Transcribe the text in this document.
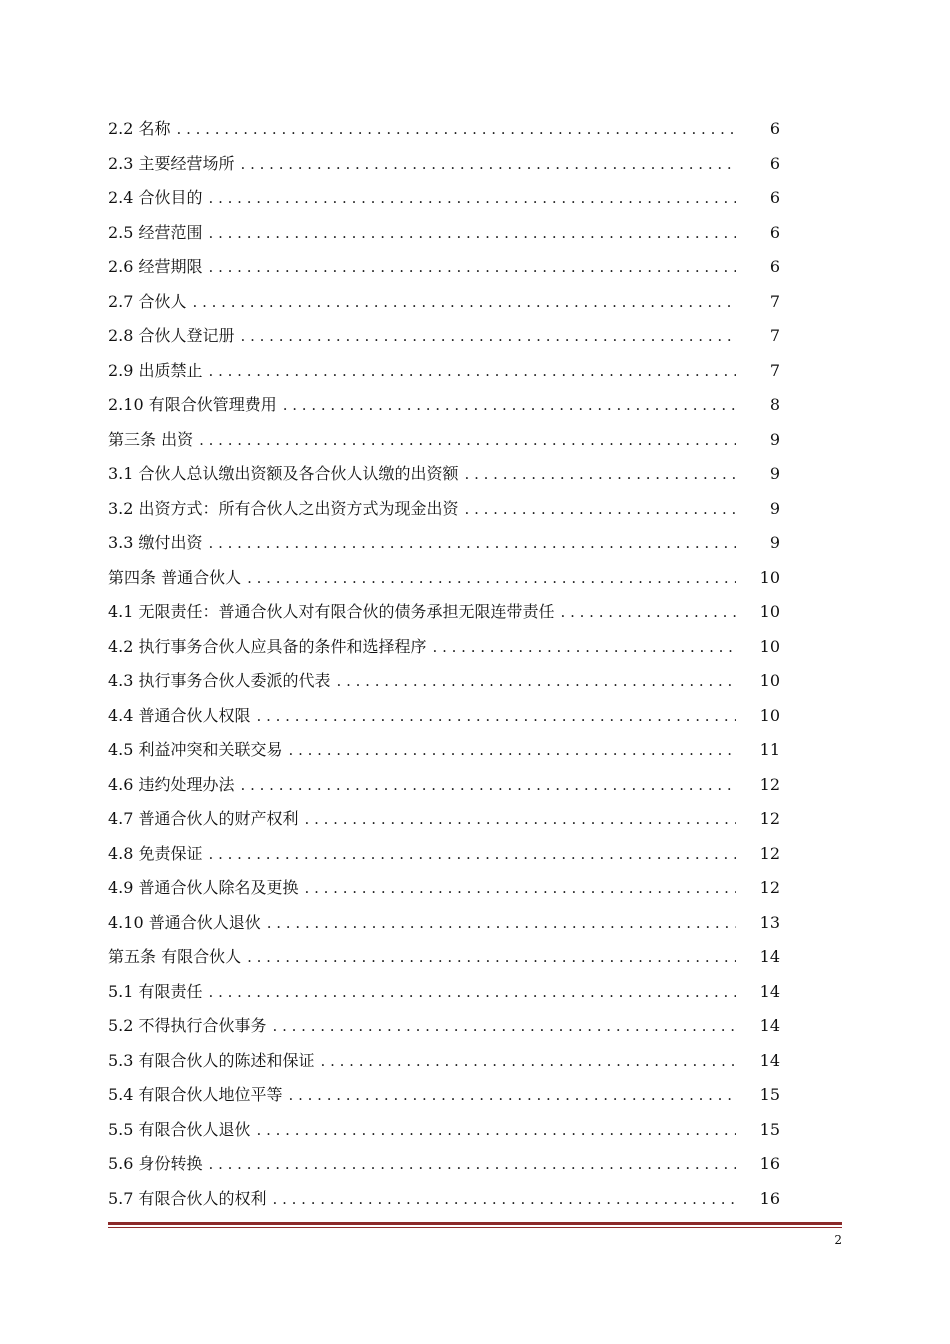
2.2 名称 . . .	6
2.3 主要经营场所 . . .	6
2.4 合伙目的 . . .	6
2.5 经营范围 . . .	6
2.6 经营期限 . . .	6
2.7 合伙人 . . .	7
2.8 合伙人登记册 . . .	7
2.9 出质禁止 . . .	7
2.10 有限合伙管理费用 . . .	8
第三条 出资 . . .	9
3.1 合伙人总认缴出资额及各合伙人认缴的出资额 . . .	9
3.2 出资方式：所有合伙人之出资方式为现金出资 . . .	9
3.3 缴付出资 . . .	9
第四条 普通合伙人 . . .	10
4.1 无限责任：普通合伙人对有限合伙的债务承担无限连带责任 . . .	10
4.2 执行事务合伙人应具备的条件和选择程序 . . .	10
4.3 执行事务合伙人委派的代表 . . .	10
4.4 普通合伙人权限 . . .	10
4.5 利益冲突和关联交易 . . .	11
4.6 违约处理办法 . . .	12
4.7 普通合伙人的财产权利 . . .	12
4.8 免责保证 . . .	12
4.9 普通合伙人除名及更换 . . .	12
4.10 普通合伙人退伙 . . .	13
第五条 有限合伙人 . . .	14
5.1 有限责任 . . .	14
5.2 不得执行合伙事务 . . .	14
5.3 有限合伙人的陈述和保证 . . .	14
5.4 有限合伙人地位平等 . . .	15
5.5 有限合伙人退伙 . . .	15
5.6 身份转换 . . .	16
5.7 有限合伙人的权利 . . .	16
2
